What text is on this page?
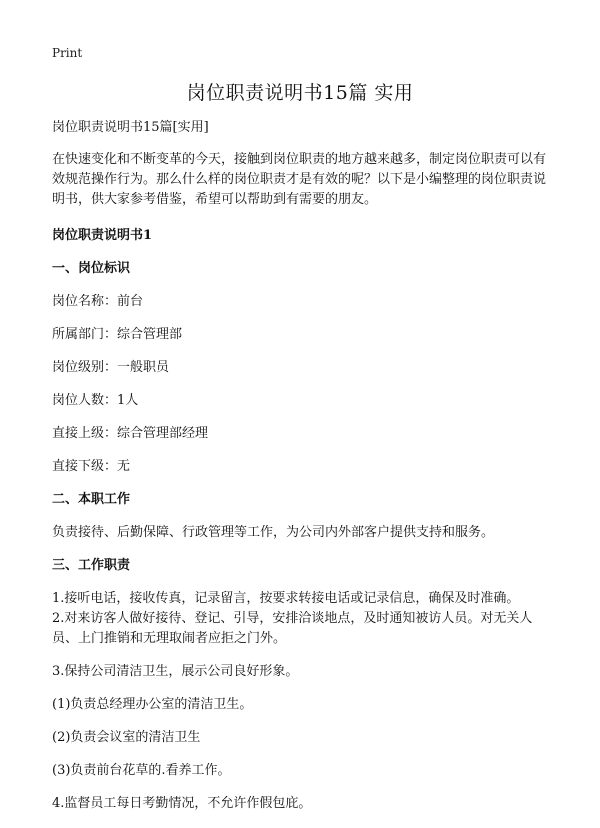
Print
岗位职责说明书15篇 实用

岗位职责说明书15篇[实用]

在快速变化和不断变革的今天，接触到岗位职责的地方越来越多，制定岗位职责可以有效规范操作行为。那么什么样的岗位职责才是有效的呢？以下是小编整理的岗位职责说明书，供大家参考借鉴，希望可以帮助到有需要的朋友。

岗位职责说明书1

一、岗位标识

岗位名称：前台

所属部门：综合管理部

岗位级别：一般职员

岗位人数：1人

直接上级：综合管理部经理

直接下级：无

二、本职工作

负责接待、后勤保障、行政管理等工作，为公司内外部客户提供支持和服务。

三、工作职责

1.接听电话，接收传真，记录留言，按要求转接电话或记录信息，确保及时准确。

2.对来访客人做好接待、登记、引导，安排洽谈地点，及时通知被访人员。对无关人员、上门推销和无理取闹者应拒之门外。

3.保持公司清洁卫生，展示公司良好形象。

(1)负责总经理办公室的清洁卫生。

(2)负责会议室的清洁卫生

(3)负责前台花草的.看养工作。

4.监督员工每日考勤情况，不允许作假包庇。
